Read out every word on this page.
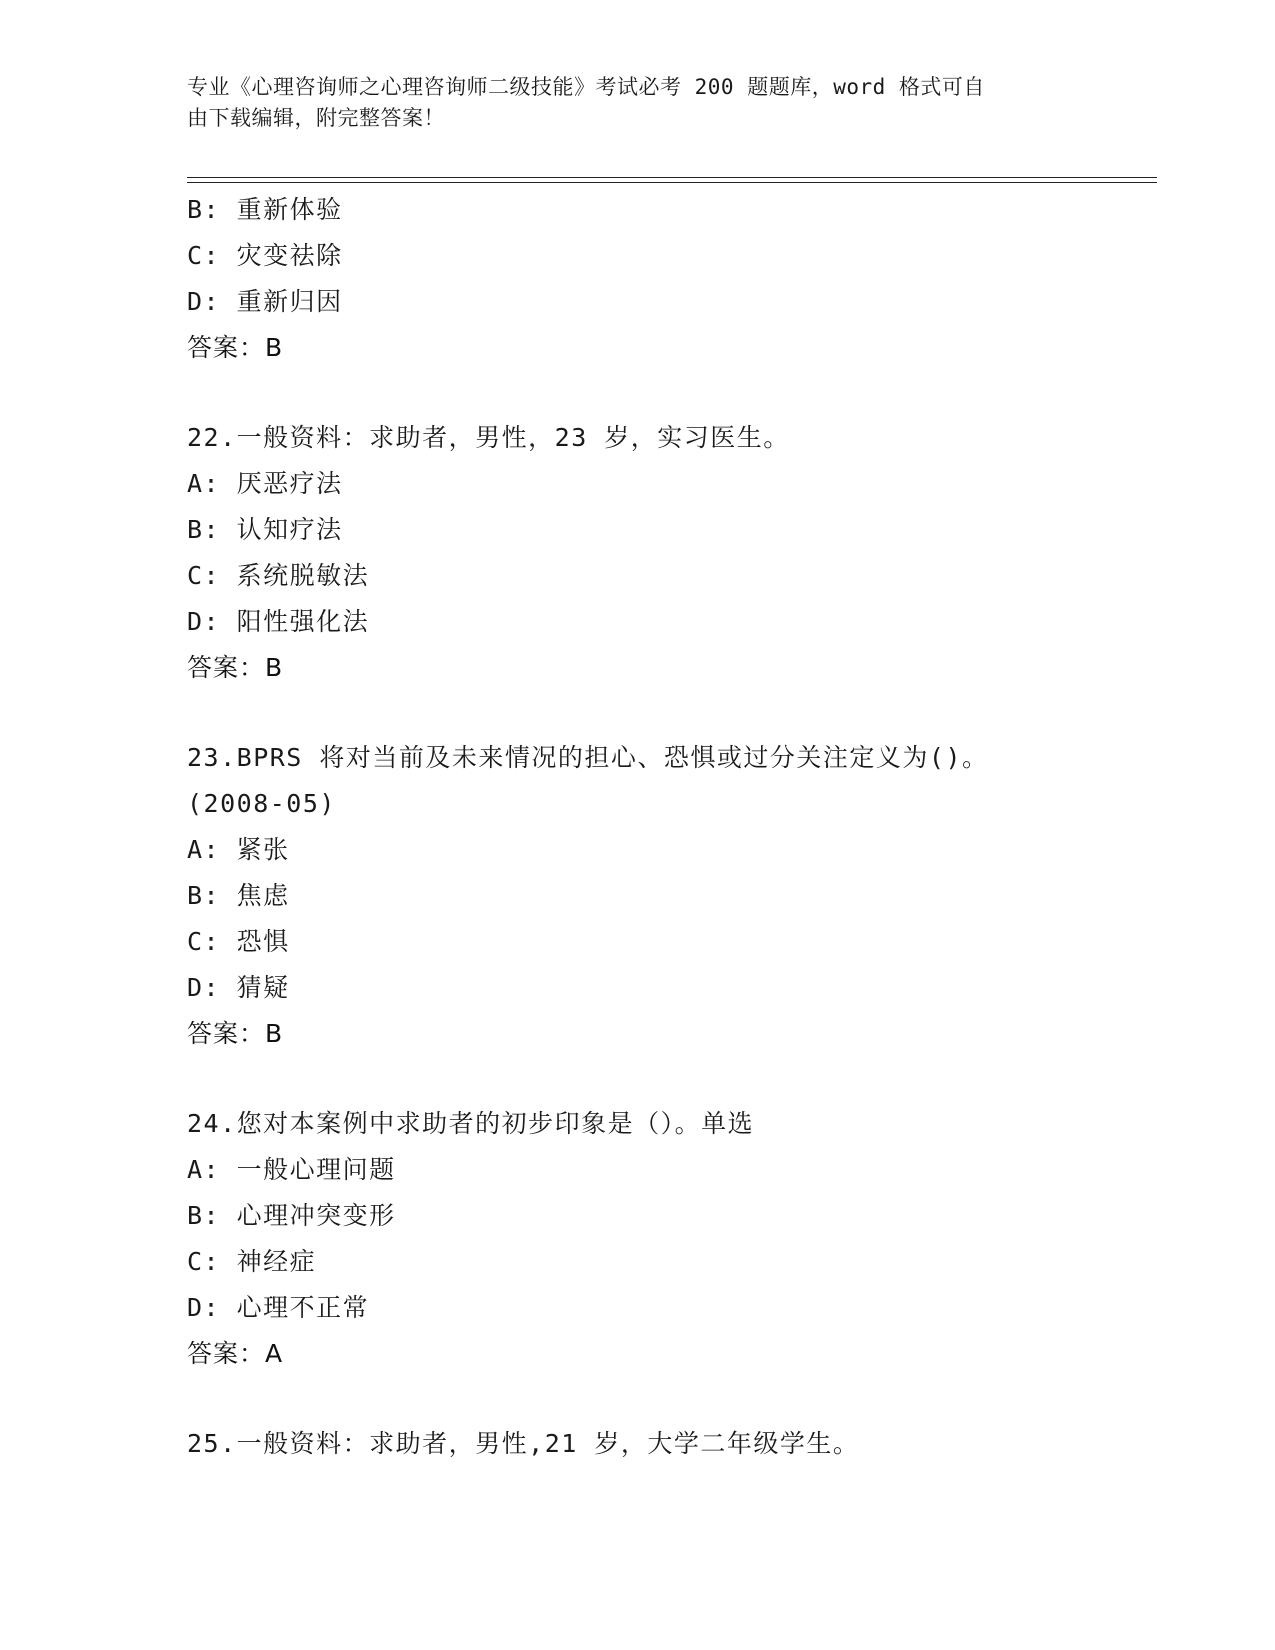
专业《心理咨询师之心理咨询师二级技能》考试必考 200 题题库，word 格式可自
由下载编辑，附完整答案！
B: 重新体验
C: 灾变祛除
D: 重新归因
答案：B
22.一般资料：求助者，男性，23 岁，实习医生。
A: 厌恶疗法
B: 认知疗法
C: 系统脱敏法
D: 阳性强化法
答案：B
23.BPRS 将对当前及未来情况的担心、恐惧或过分关注定义为()。
(2008-05)
A: 紧张
B: 焦虑
C: 恐惧
D: 猜疑
答案：B
24.您对本案例中求助者的初步印象是（）。单选
A: 一般心理问题
B: 心理冲突变形
C: 神经症
D: 心理不正常
答案：A
25.一般资料：求助者，男性,21 岁，大学二年级学生。
